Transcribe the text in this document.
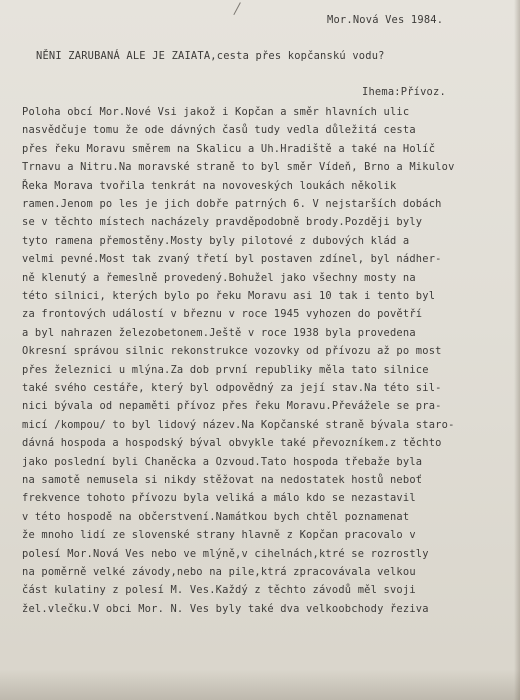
Mor.Nová Ves 1984.
NĚNI ZARUBANÁ ALE JE ZAIATA,cesta přes kopčanskú vodu?
Ihema:Přívoz.
Poloha obcí Mor.Nové Vsi jakož i Kopčan a směr hlavních ulic
nasvědčuje tomu že ode dávných časů tudy vedla důležitá cesta
přes řeku Moravu směrem na Skalicu a Uh.Hradiště a také na Holíč
Trnavu a Nitru.Na moravské straně to byl směr Vídeň, Brno a Mikulov
Řeka Morava tvořila tenkrát na novoveských loukách několik
ramen.Jenom po les je jich dobře patrných 6. V nejstarších dobách
se v těchto místech nacházely pravděpodobně brody.Později byly
tyto ramena přemostěny.Mosty byly pilotové z dubových klád a
velmi pevné.Most tak zvaný třetí byl postaven zdínel, byl nádher-
ně klenutý a řemeslně provedený.Bohužel jako všechny mosty na
této silnici, kterých bylo po řeku Moravu asi 10 tak i tento byl
za frontových událostí v březnu v roce 1945 vyhozen do povětří
a byl nahrazen železobetonem.Ještě v roce 1938 byla provedena
Okresní správou silnic rekonstrukce vozovky od přívozu až po most
přes železnici u mlýna.Za dob první republiky měla tato silnice
také svého cestáře, který byl odpovědný za její stav.Na této sil-
nici bývala od nepaměti přívoz přes řeku Moravu.Převážele se pra-
micí /kompou/ to byl lidový název.Na Kopčanské straně bývala staro-
dávná hospoda a hospodský býval obvykle také převozníkem.z těchto
jako poslední byli Chaněcka a Ozvoud.Tato hospoda třebaže byla
na samotě nemusela si nikdy stěžovat na nedostatek hostů neboť
frekvence tohoto přívozu byla veliká a málo kdo se nezastavil
v této hospodě na občerstvení.Namátkou bych chtěl poznamenat
že mnoho lidí ze slovenské strany hlavně z Kopčan pracovalo v
polesí Mor.Nová Ves nebo ve mlýně,v cihelnách,ktré se rozrostly
na poměrně velké závody,nebo na pile,ktrá zpracovávala velkou
část kulatiny z polesí M. Ves.Každý z těchto závodů měl svoji
žel.vlečku.V obci Mor. N. Ves byly také dva velkoobchody řeziva
